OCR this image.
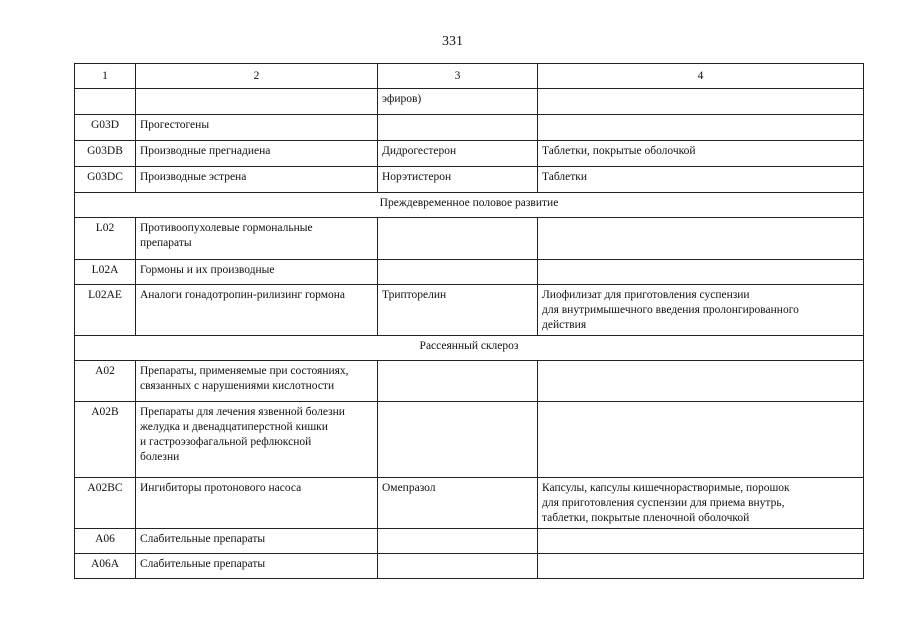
331
1	2	3	4
		эфиров)	
G03D	Прогестогены		
G03DB	Производные прегнадиена	Дидрогестерон	Таблетки, покрытые оболочкой
G03DC	Производные эстрена	Норэтистерон	Таблетки
Преждевременное половое развитие			
L02	Противоопухолевые гормональные
препараты		
L02A	Гормоны и их производные		
L02AE	Аналоги гонадотропин-рилизинг гормона	Трипторелин	Лиофилизат для приготовления суспензии
для внутримышечного введения пролонгированного
действия
Рассеянный склероз			
A02	Препараты, применяемые при состояниях,
связанных с нарушениями кислотности		
A02B	Препараты для лечения язвенной болезни
желудка и двенадцатиперстной кишки
и гастроэзофагальной рефлюксной
болезни		
A02BC	Ингибиторы протонового насоса	Омепразол	Капсулы, капсулы кишечнорастворимые, порошок
для приготовления суспензии для приема внутрь,
таблетки, покрытые пленочной оболочкой
A06	Слабительные препараты		
A06A	Слабительные препараты		
